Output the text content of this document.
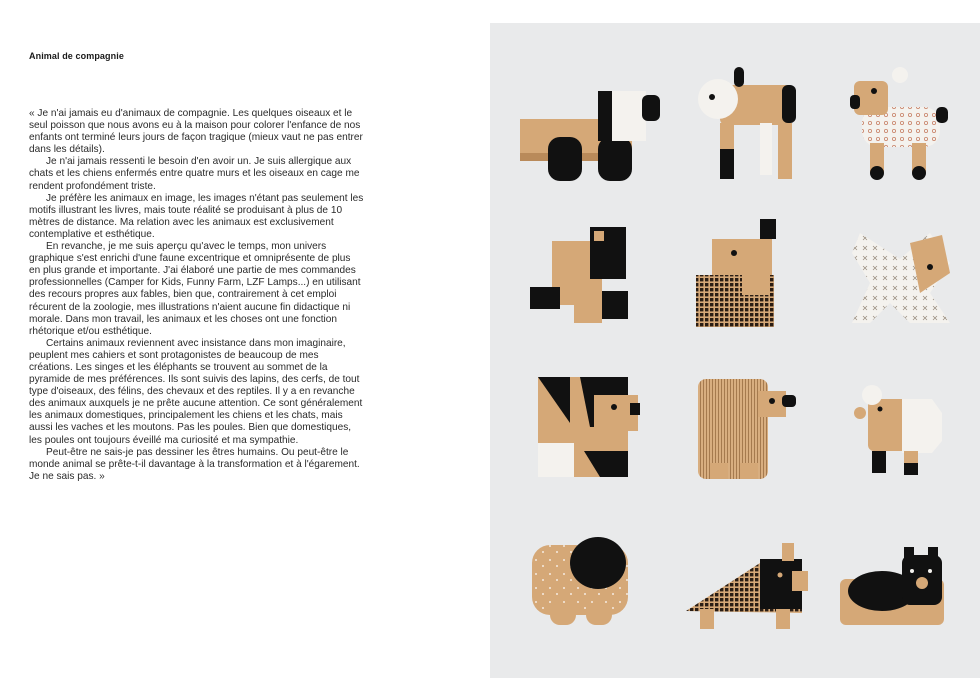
Animal de compagnie

« Je n'ai jamais eu d'animaux de compagnie. Les quelques oiseaux et le seul poisson que nous avons eu à la maison pour colorer l'enfance de nos enfants ont terminé leurs jours de façon tragique (mieux vaut ne pas entrer dans les détails).

Je n'ai jamais ressenti le besoin d'en avoir un. Je suis allergique aux chats et les chiens enfermés entre quatre murs et les oiseaux en cage me rendent profondément triste.

Je préfère les animaux en image, les images n'étant pas seulement les motifs illustrant les livres, mais toute réalité se produisant à plus de 10 mètres de distance. Ma relation avec les animaux est exclusivement contemplative et esthétique.

En revanche, je me suis aperçu qu'avec le temps, mon univers graphique s'est enrichi d'une faune excentrique et omniprésente de plus en plus grande et importante. J'ai élaboré une partie de mes commandes professionnelles (Camper for Kids, Funny Farm, LZF Lamps...) en utilisant des recours propres aux fables, bien que, contrairement à cet emploi récurent de la zoologie, mes illustrations n'aient aucune fin didactique ni morale. Dans mon travail, les animaux et les choses ont une fonction rhétorique et/ou esthétique.

Certains animaux reviennent avec insistance dans mon imaginaire, peuplent mes cahiers et sont protagonistes de beaucoup de mes créations. Les singes et les éléphants se trouvent au sommet de la pyramide de mes préférences. Ils sont suivis des lapins, des cerfs, de tout type d'oiseaux, des félins, des chevaux et des reptiles. Il y a en revanche des animaux auxquels je ne prête aucune attention. Ce sont généralement les animaux domestiques, principalement les chiens et les chats, mais aussi les vaches et les moutons. Pas les poules. Bien que domestiques, les poules ont toujours éveillé ma curiosité et ma sympathie.

Peut-être ne sais-je pas dessiner les êtres humains. Ou peut-être le monde animal se prête-t-il davantage à la transformation et à l'égarement. Je ne sais pas. »
